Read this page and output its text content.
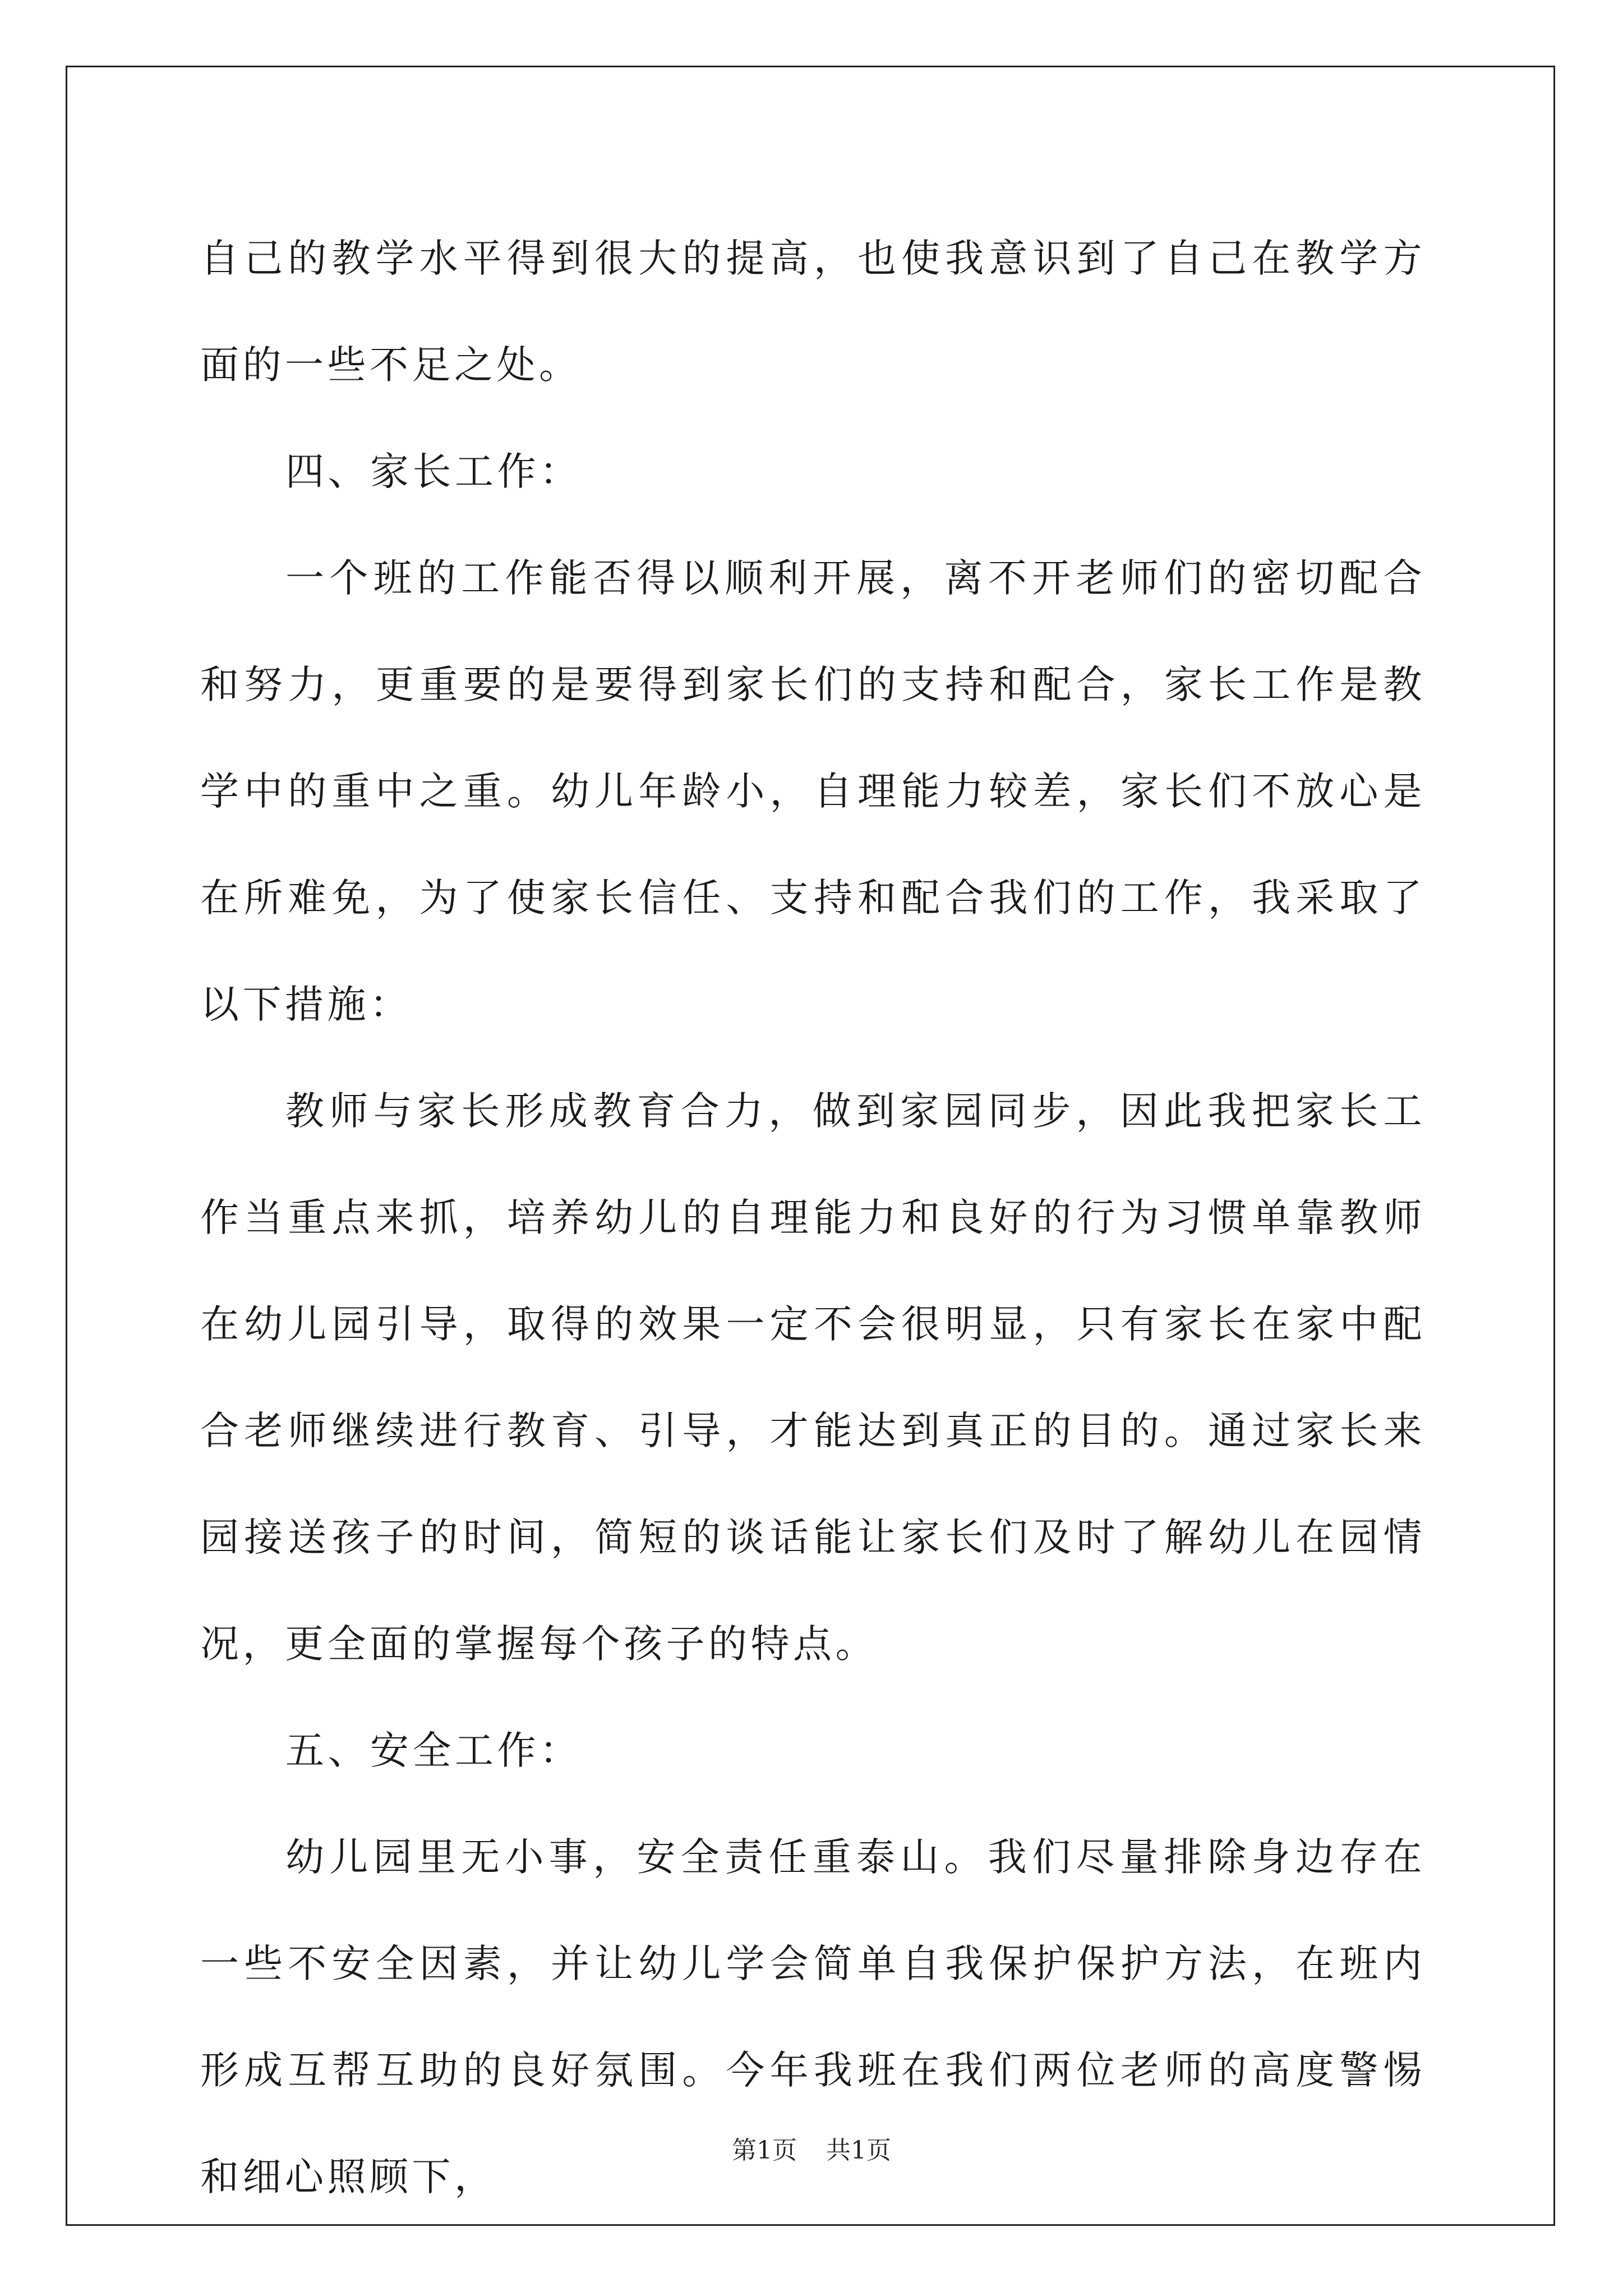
自己的教学水平得到很大的提高，也使我意识到了自己在教学方面的一些不足之处。

四、家长工作：

一个班的工作能否得以顺利开展，离不开老师们的密切配合和努力，更重要的是要得到家长们的支持和配合，家长工作是教学中的重中之重。幼儿年龄小，自理能力较差，家长们不放心是在所难免，为了使家长信任、支持和配合我们的工作，我采取了以下措施：

教师与家长形成教育合力，做到家园同步，因此我把家长工作当重点来抓，培养幼儿的自理能力和良好的行为习惯单靠教师在幼儿园引导，取得的效果一定不会很明显，只有家长在家中配合老师继续进行教育、引导，才能达到真正的目的。通过家长来园接送孩子的时间，简短的谈话能让家长们及时了解幼儿在园情况，更全面的掌握每个孩子的特点。

五、安全工作：

幼儿园里无小事，安全责任重泰山。我们尽量排除身边存在一些不安全因素，并让幼儿学会简单自我保护保护方法，在班内形成互帮互助的良好氛围。今年我班在我们两位老师的高度警惕和细心照顾下，

第1页 共1页
